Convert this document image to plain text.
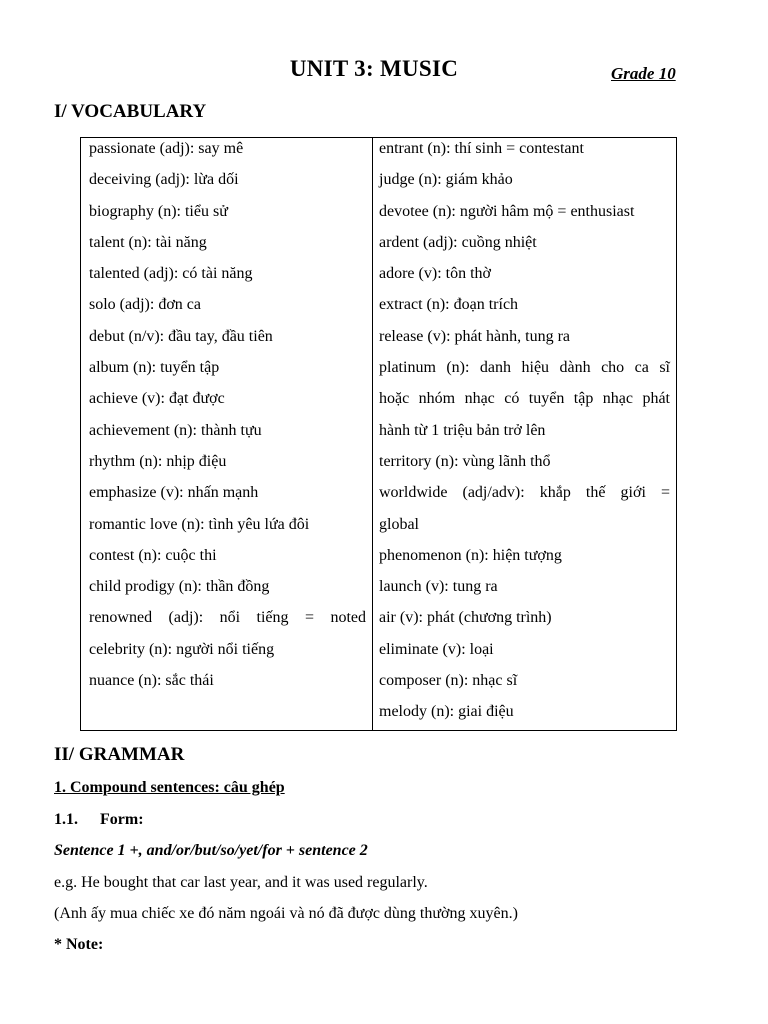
UNIT 3: MUSIC	Grade 10
I/ VOCABULARY
passionate (adj): say mê
deceiving (adj): lừa dối
biography (n): tiểu sử
talent (n): tài năng
talented (adj): có tài năng
solo (adj): đơn ca
debut (n/v): đầu tay, đầu tiên
album (n): tuyển tập
achieve (v): đạt được
achievement (n): thành tựu
rhythm (n): nhịp điệu
emphasize (v): nhấn mạnh
romantic love (n): tình yêu lứa đôi
contest (n): cuộc thi
child prodigy (n): thần đồng
renowned (adj): nổi tiếng = noted
celebrity (n): người nổi tiếng
nuance (n): sắc thái
entrant (n): thí sinh = contestant
judge (n): giám khảo
devotee (n): người hâm mộ = enthusiast
ardent (adj): cuồng nhiệt
adore (v): tôn thờ
extract (n): đoạn trích
release (v): phát hành, tung ra
platinum (n): danh hiệu dành cho ca sĩ
hoặc nhóm nhạc có tuyển tập nhạc phát
hành từ 1 triệu bản trở lên
territory (n): vùng lãnh thổ
worldwide (adj/adv): khắp thế giới =
global
phenomenon (n): hiện tượng
launch (v): tung ra
air (v): phát (chương trình)
eliminate (v): loại
composer (n): nhạc sĩ
melody (n): giai điệu
II/ GRAMMAR
1. Compound sentences: câu ghép
1.1. Form:
Sentence 1 +, and/or/but/so/yet/for + sentence 2
e.g. He bought that car last year, and it was used regularly.
(Anh ấy mua chiếc xe đó năm ngoái và nó đã được dùng thường xuyên.)
* Note:
